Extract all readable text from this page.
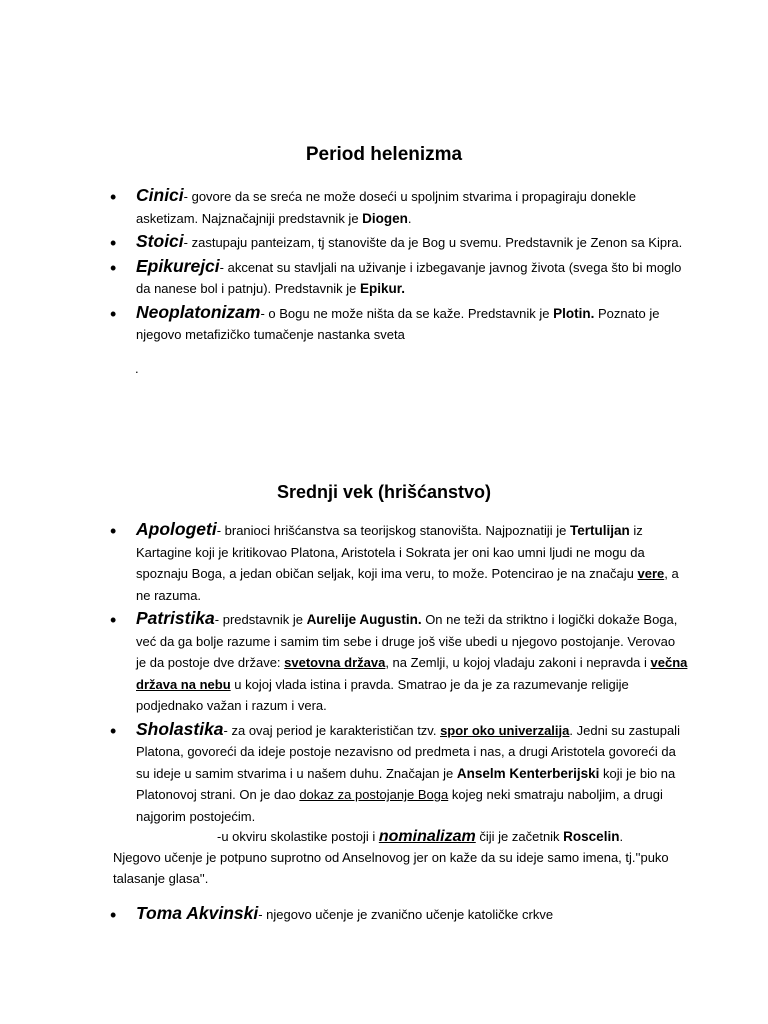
Period helenizma
• Cinici- govore da se sreća ne može doseći u spoljnim stvarima i propagiraju donekle asketizam. Najznačajniji predstavnik je Diogen.
• Stoici- zastupaju panteizam, tj stanovište da je Bog u svemu. Predstavnik je Zenon sa Kipra.
• Epikurejci- akcenat su stavljali na uživanje i izbegavanje javnog života (svega što bi moglo da nanese bol i patnju). Predstavnik je Epikur.
• Neoplatonizam- o Bogu ne može ništa da se kaže. Predstavnik je Plotin. Poznato je njegovo metafizičko tumačenje nastanka sveta
.
Srednji vek (hrišćanstvo)
• Apologeti- branioci hrišćanstva sa teorijskog stanovišta. Najpoznatiji je Tertulijan iz Kartagine koji je kritikovao Platona, Aristotela i Sokrata jer oni kao umni ljudi ne mogu da spoznaju Boga, a jedan običan seljak, koji ima veru, to može. Potencirao je na značaju vere, a ne razuma.
• Patristika- predstavnik je Aurelije Augustin. On ne teži da striktno i logički dokaže Boga, već da ga bolje razume i samim tim sebe i druge još više ubedi u njegovo postojanje. Verovao je da postoje dve države: svetovna država, na Zemlji, u kojoj vladaju zakoni i nepravda i večna država na nebu u kojoj vlada istina i pravda. Smatrao je da je za razumevanje religije podjednako važan i razum i vera.
• Sholastika- za ovaj period je karakterističan tzv. spor oko univerzalija. Jedni su zastupali Platona, govoreći da ideje postoje nezavisno od predmeta i nas, a drugi Aristotela govoreći da su ideje u samim stvarima i u našem duhu. Značajan je Anselm Kenterberijski koji je bio na Platonovoj strani. On je dao dokaz za postojanje Boga kojeg neki smatraju naboljim, a drugi najgorim postojećim.
-u okviru skolastike postoji i nominalizam čiji je začetnik Roscelin. Njegovo učenje je potpuno suprotno od Anselnovog jer on kaže da su ideje samo imena, tj.''puko talasanje glasa''.
• Toma Akvinski- njegovo učenje je zvanično učenje katoličke crkve
